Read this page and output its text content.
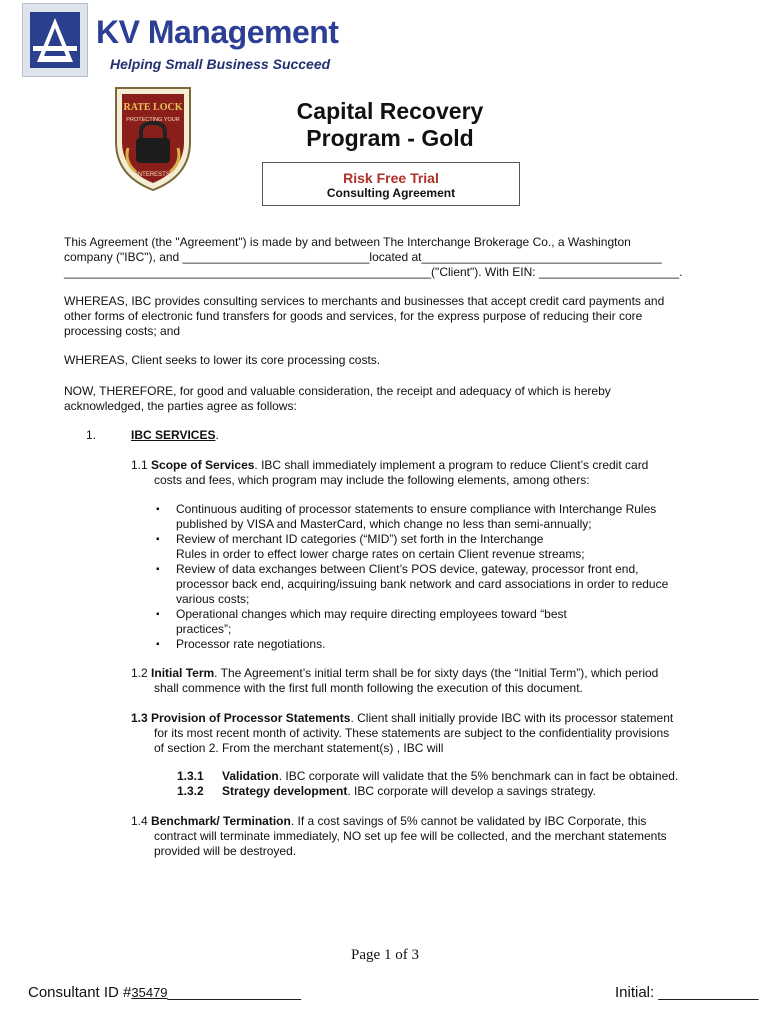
KV Management
Helping Small Business Succeed
RATE LOCK
PROTECTING YOUR
INTERESTS
Capital Recovery
Program - Gold
Risk Free Trial
Consulting Agreement
This Agreement (the "Agreement") is made by and between The Interchange Brokerage Co., a Washington
company ("IBC"), and ____________________________located at____________________________________
_______________________________________________________("Client"). With EIN: _____________________.
WHEREAS, IBC provides consulting services to merchants and businesses that accept credit card payments and
other forms of electronic fund transfers for goods and services, for the express purpose of reducing their core
processing costs; and
WHEREAS, Client seeks to lower its core processing costs.
NOW, THEREFORE, for good and valuable consideration, the receipt and adequacy of which is hereby
acknowledged, the parties agree as follows:
1.	IBC SERVICES.
1.1 Scope of Services. IBC shall immediately implement a program to reduce Client’s credit card
costs and fees, which program may include the following elements, among others:
▪ Continuous auditing of processor statements to ensure compliance with Interchange Rules
published by VISA and MasterCard, which change no less than semi-annually;
▪ Review of merchant ID categories (“MID”) set forth in the Interchange
Rules in order to effect lower charge rates on certain Client revenue streams;
▪ Review of data exchanges between Client’s POS device, gateway, processor front end,
processor back end, acquiring/issuing bank network and card associations in order to reduce
various costs;
▪ Operational changes which may require directing employees toward “best
practices”;
▪ Processor rate negotiations.
1.2 Initial Term. The Agreement’s initial term shall be for sixty days (the “Initial Term”), which period
shall commence with the first full month following the execution of this document.
1.3 Provision of Processor Statements. Client shall initially provide IBC with its processor statement
for its most recent month of activity. These statements are subject to the confidentiality provisions
of section 2. From the merchant statement(s) , IBC will
1.3.1 Validation. IBC corporate will validate that the 5% benchmark can in fact be obtained.
1.3.2 Strategy development. IBC corporate will develop a savings strategy.
1.4 Benchmark/ Termination. If a cost savings of 5% cannot be validated by IBC Corporate, this
contract will terminate immediately, NO set up fee will be collected, and the merchant statements
provided will be destroyed.
Page 1 of 3
Consultant ID #35479________________	Initial: ____________
